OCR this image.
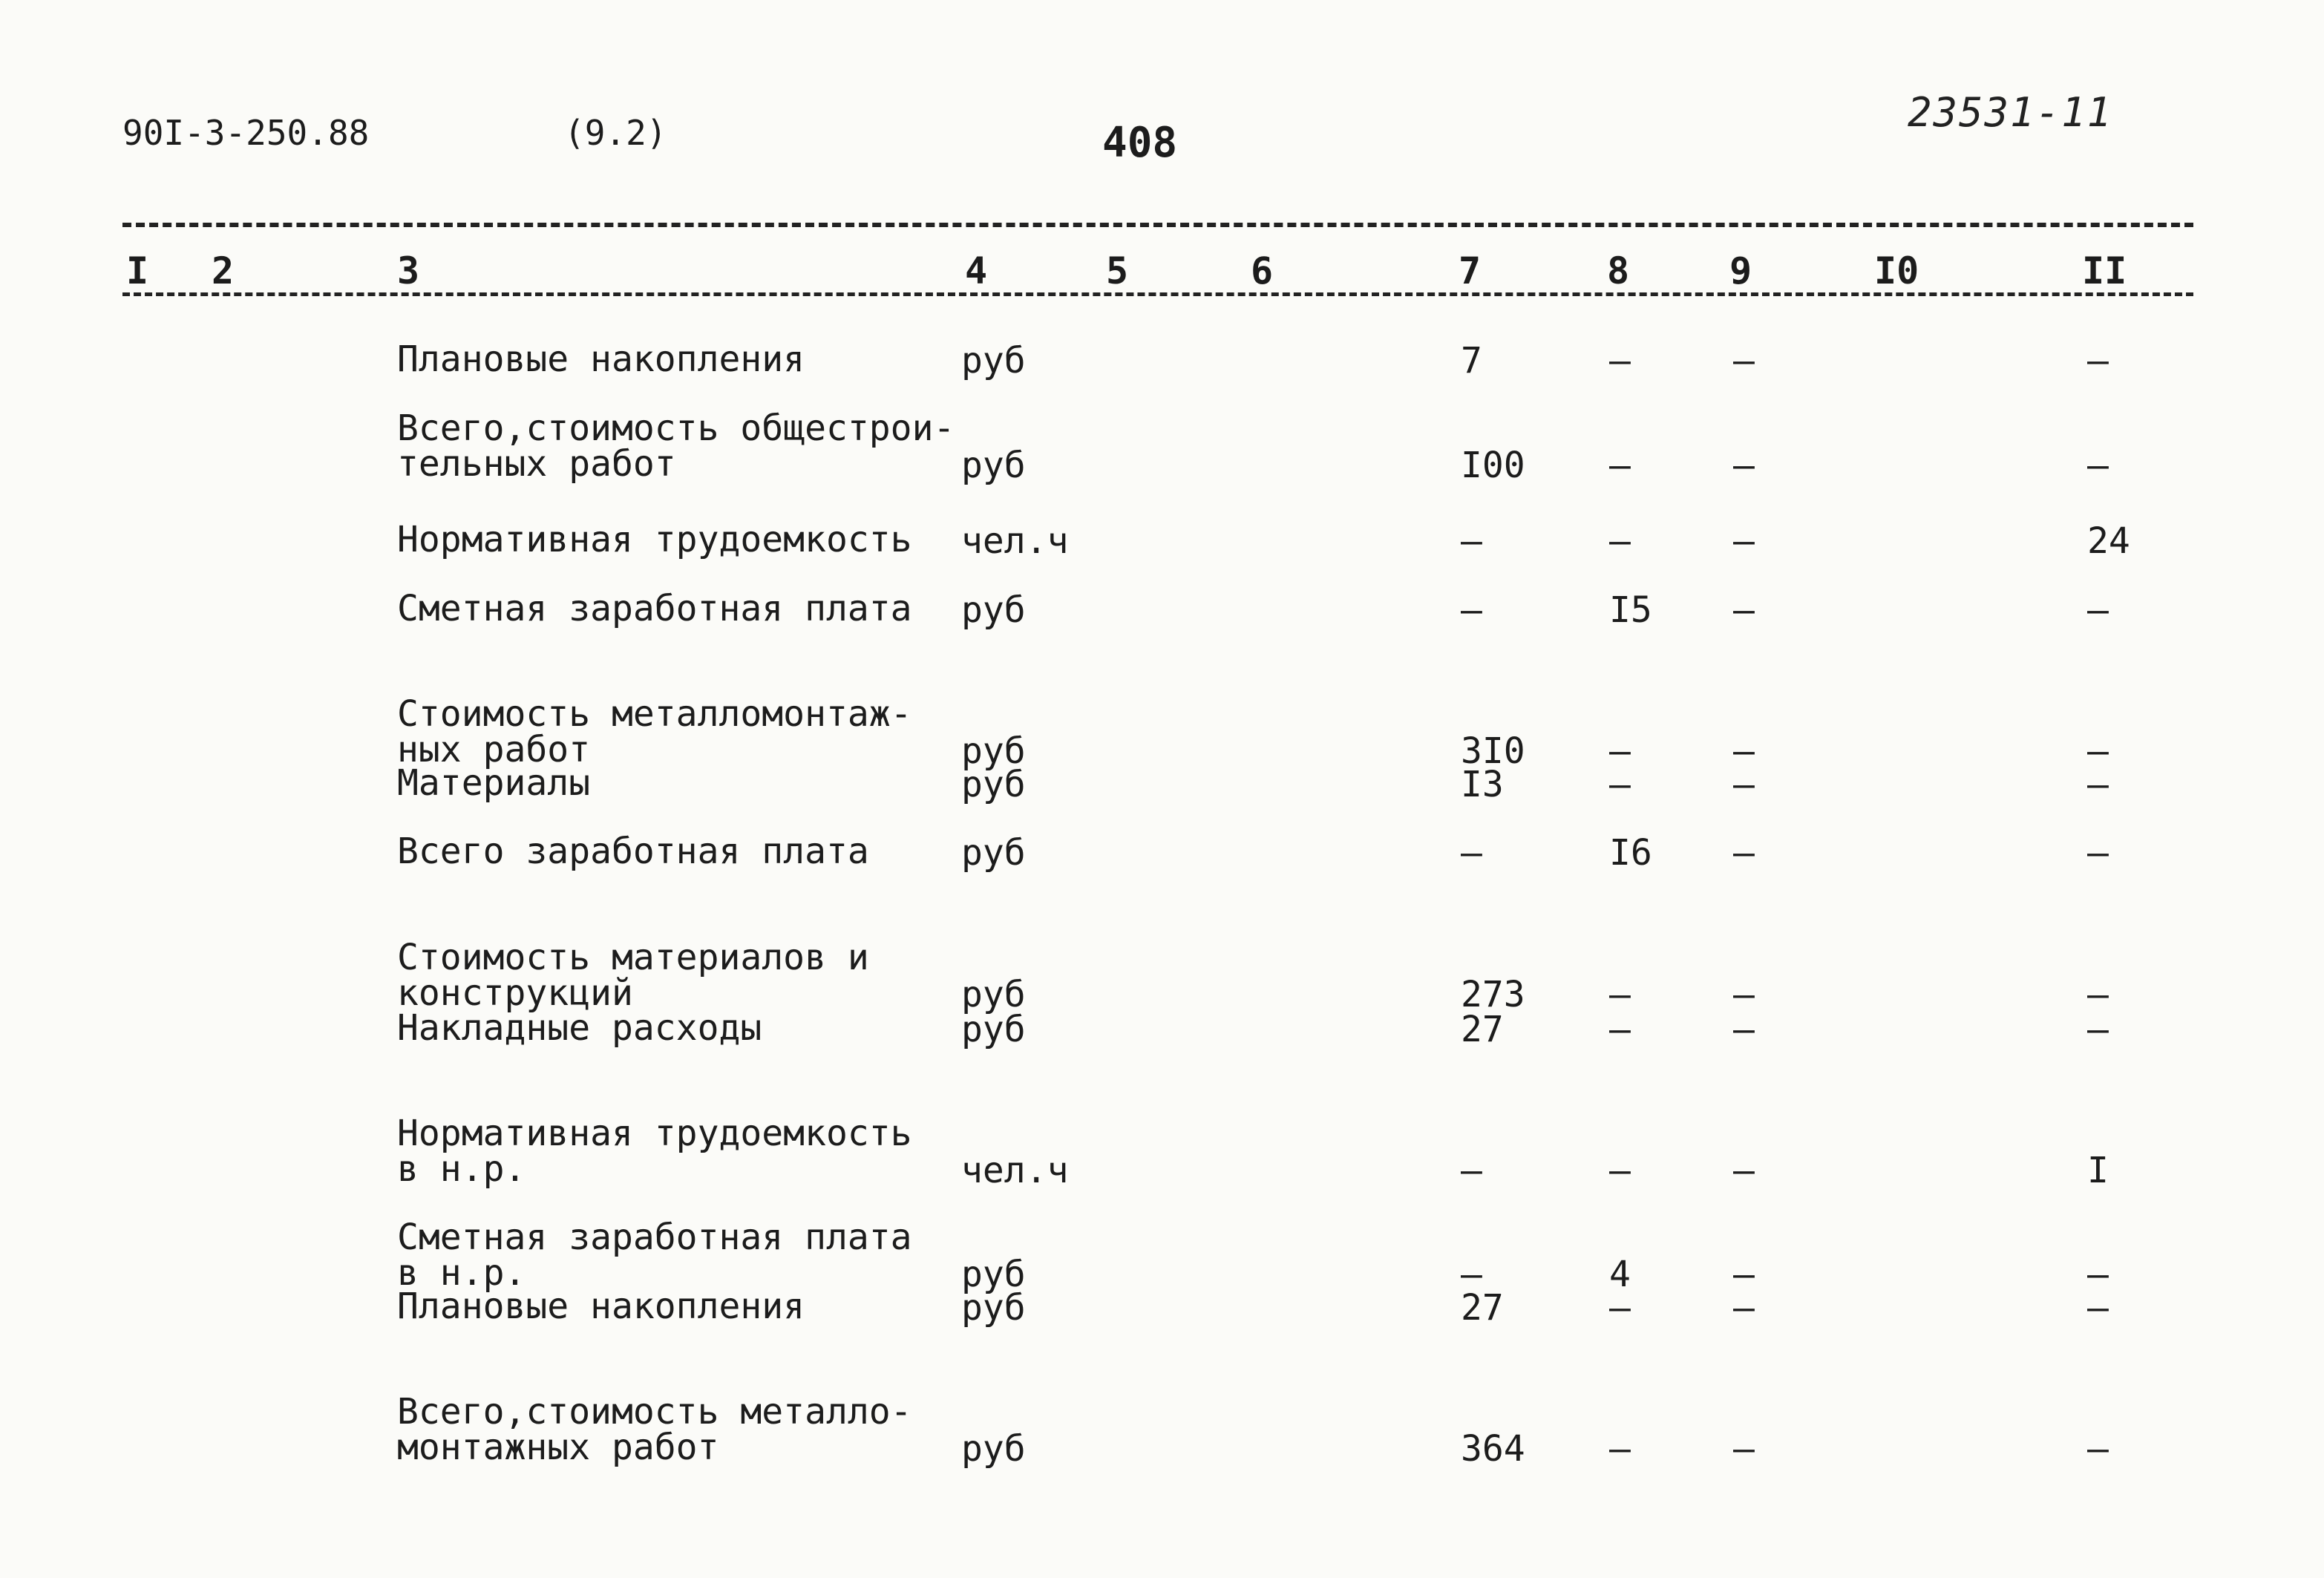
90I-3-250.88	(9.2)	408
23531-11
I 2	3	4	5	6	7	8	9	I0	II
Плановые накопления	руб	7	–	–	–
Всего,стоимость общестрои-
тельных работ	руб	I00 –	–	–
Нормативная трудоемкость чел.ч	–	–	–	24
Сметная заработная плата руб	–	I5 –	–
Стоимость металломонтаж-
ных работ	руб	3I0 –	–	–
Материалы	руб	I3	–	–	–
Всего заработная плата	руб	–	I6 –	–
Стоимость материалов и
конструкций	руб	273 –	–	–
Накладные расходы	руб	27	–	–	–
Нормативная трудоемкость
в н.р.	чел.ч	–	–	–	I
Сметная заработная плата
в н.р.	руб	–	4	–	–
Плановые накопления	руб	27	–	–	–
Всего,стоимость металло-
монтажных работ	руб	364 –	–	–
